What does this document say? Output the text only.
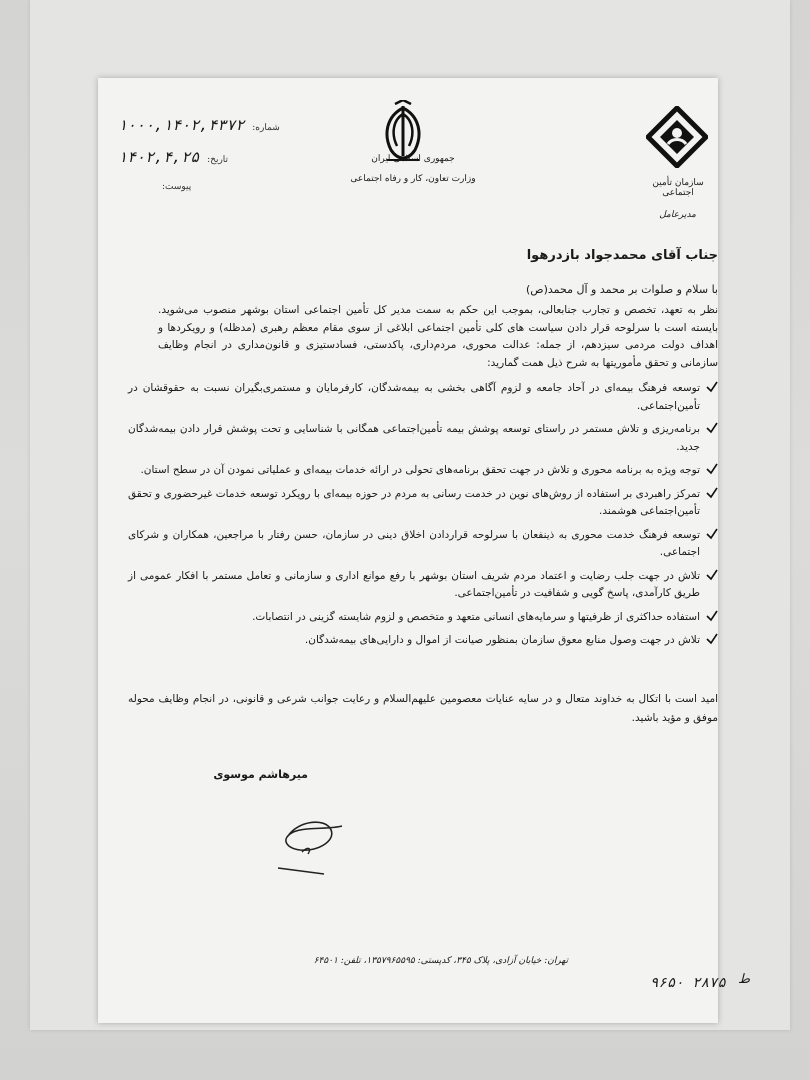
جمهوری اسلامی ایران
وزارت تعاون، کار و رفاه اجتماعی	سازمان تأمین اجتماعی
مدیرعامل
شماره: ۱۰۰۰,۱۴۰۲,۴۳۷۲
تاریخ: ۱۴۰۲,۴,۲۵
پیوست:
جناب آقای محمدجواد بازدرهوا
با سلام و صلوات بر محمد و آل محمد(ص)
نظر به تعهد، تخصص و تجارب جنابعالی، بموجب این حکم به سمت مدیر کل تأمین اجتماعی استان بوشهر منصوب می‌شوید. بایسته است با سرلوحه قرار دادن سیاست های کلی تأمین اجتماعی ابلاغی از سوی مقام معظم رهبری (مدظله) و رویکردها و اهداف دولت مردمی سیزدهم، از جمله: عدالت محوری، مردم‌داری، پاکدستی، فسادستیزی و قانون‌مداری در انجام وظایف سازمانی و تحقق مأموریتها به شرح ذیل همت گمارید:
توسعه فرهنگ بیمه‌ای در آحاد جامعه و لزوم آگاهی بخشی به بیمه‌شدگان، کارفرمایان و مستمری‌بگیران نسبت به حقوقشان در تأمین‌اجتماعی.
برنامه‌ریزی و تلاش مستمر در راستای توسعه پوشش بیمه تأمین‌اجتماعی همگانی با شناسایی و تحت پوشش قرار دادن بیمه‌شدگان جدید.
توجه ویژه به برنامه محوری و تلاش در جهت تحقق برنامه‌های تحولی در ارائه خدمات بیمه‌ای و عملیاتی نمودن آن در سطح استان.
تمرکز راهبردی بر استفاده از روش‌های نوین در خدمت رسانی به مردم در حوزه بیمه‌ای با رویکرد توسعه خدمات غیرحضوری و تحقق تأمین‌اجتماعی هوشمند.
توسعه فرهنگ خدمت محوری به ذینفعان با سرلوحه قراردادن اخلاق دینی در سازمان، حسن رفتار با مراجعین، همکاران و شرکای اجتماعی.
تلاش در جهت جلب رضایت و اعتماد مردم شریف استان بوشهر با رفع موانع اداری و سازمانی و تعامل مستمر با افکار عمومی از طریق کارآمدی، پاسخ گویی و شفافیت در تأمین‌اجتماعی.
استفاده حداکثری از ظرفیتها و سرمایه‌های انسانی متعهد و متخصص و لزوم شایسته گزینی در انتصابات.
تلاش در جهت وصول منابع معوق سازمان بمنظور صیانت از اموال و دارایی‌های بیمه‌شدگان.
امید است با اتکال به خداوند متعال و در سایه عنایات معصومین علیهم‌السلام و رعایت جوانب شرعی و قانونی، در انجام وظایف محوله موفق و مؤید باشید.
میرهاشم موسوی
تهران: خیابان آزادی، پلاک ۳۴۵، کدپستی: ۱۳۵۷۹۶۵۵۹۵، تلفن: ۶۴۵۰۱
۹۶۵۰ ۲۸۷۵ ط
